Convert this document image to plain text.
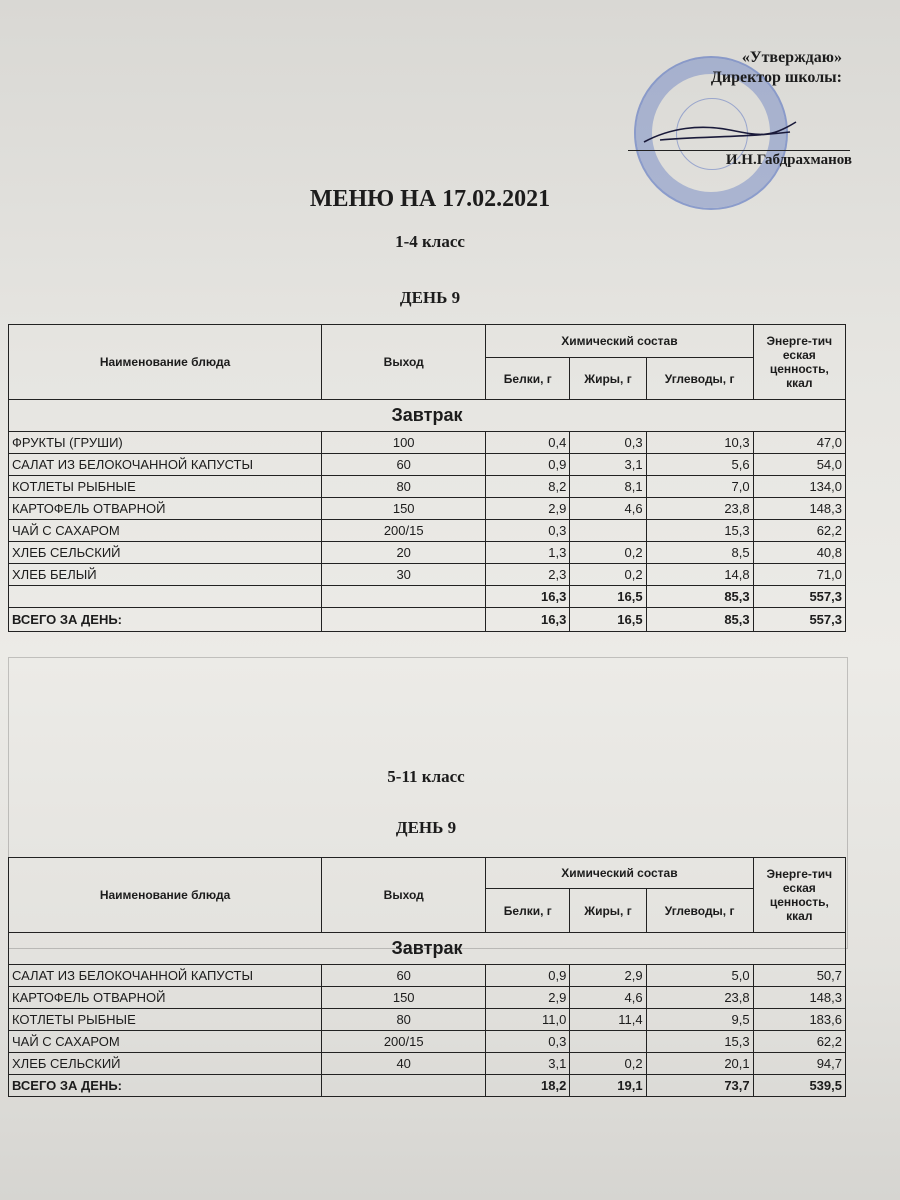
«Утверждаю»
Директор школы:
И.Н.Габдрахманов
МЕНЮ НА 17.02.2021
1-4 класс
ДЕНЬ 9
Наименование блюда	Выход	Химический состав			Энерге-тич еская ценность, ккал
		Белки, г	Жиры, г	Углеводы, г	
Завтрак					
ФРУКТЫ (ГРУШИ)	100	0,4	0,3	10,3	47,0
САЛАТ ИЗ БЕЛОКОЧАННОЙ КАПУСТЫ	60	0,9	3,1	5,6	54,0
КОТЛЕТЫ РЫБНЫЕ	80	8,2	8,1	7,0	134,0
КАРТОФЕЛЬ ОТВАРНОЙ	150	2,9	4,6	23,8	148,3
ЧАЙ С САХАРОМ	200/15	0,3		15,3	62,2
ХЛЕБ СЕЛЬСКИЙ	20	1,3	0,2	8,5	40,8
ХЛЕБ БЕЛЫЙ	30	2,3	0,2	14,8	71,0
		16,3	16,5	85,3	557,3
ВСЕГО ЗА ДЕНЬ:		16,3	16,5	85,3	557,3
5-11 класс
ДЕНЬ 9
Наименование блюда	Выход	Химический состав			Энерге-тич еская ценность, ккал
		Белки, г	Жиры, г	Углеводы, г	
Завтрак					
САЛАТ ИЗ БЕЛОКОЧАННОЙ КАПУСТЫ	60	0,9	2,9	5,0	50,7
КАРТОФЕЛЬ ОТВАРНОЙ	150	2,9	4,6	23,8	148,3
КОТЛЕТЫ РЫБНЫЕ	80	11,0	11,4	9,5	183,6
ЧАЙ С САХАРОМ	200/15	0,3		15,3	62,2
ХЛЕБ СЕЛЬСКИЙ	40	3,1	0,2	20,1	94,7
ВСЕГО ЗА ДЕНЬ:		18,2	19,1	73,7	539,5
